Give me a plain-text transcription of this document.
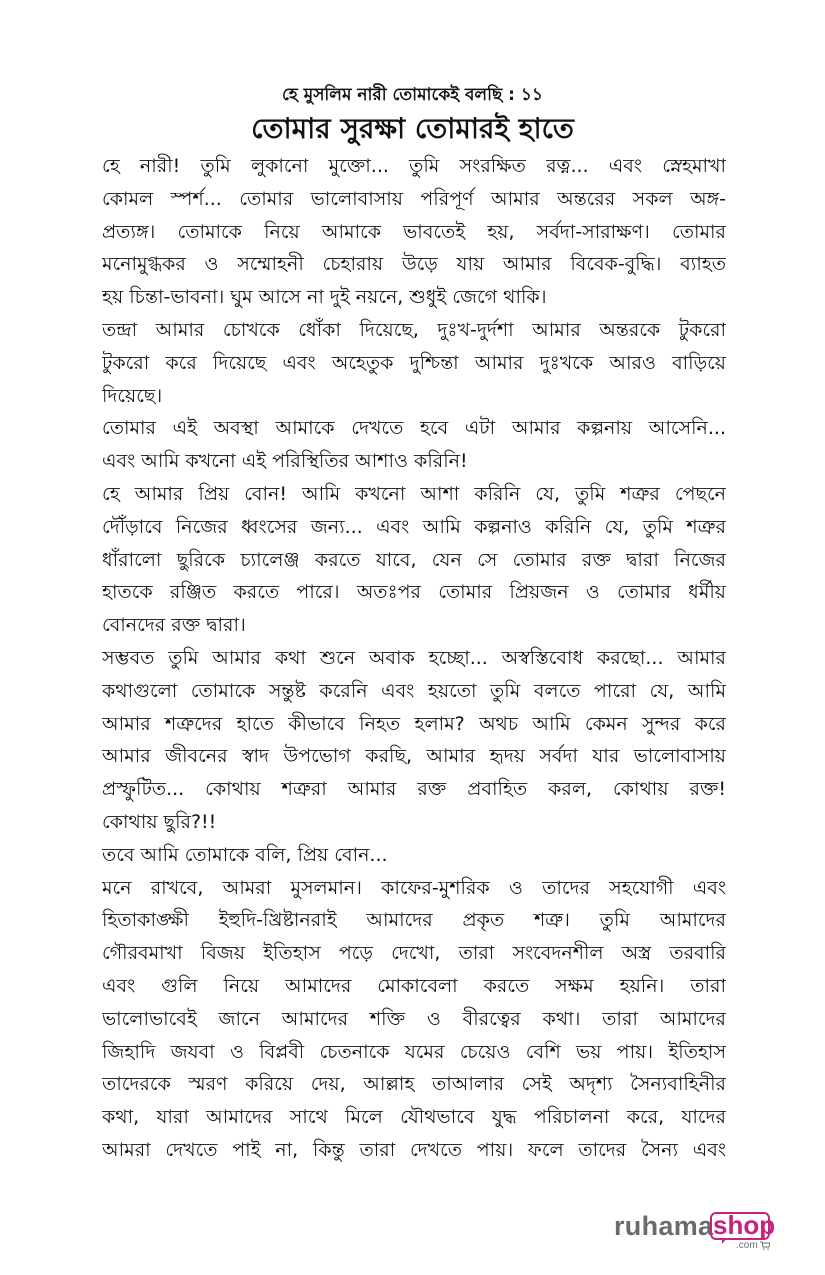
হে মুসলিম নারী তোমাকেই বলছি : ১১
তোমার সুরক্ষা তোমারই হাতে
হে নারী! তুমি লুকানো মুক্তো... তুমি সংরক্ষিত রত্ন... এবং স্নেহমাখা
কোমল স্পর্শ... তোমার ভালোবাসায় পরিপূর্ণ আমার অন্তরের সকল অঙ্গ-
প্রত্যঙ্গ। তোমাকে নিয়ে আমাকে ভাবতেই হয়, সর্বদা-সারাক্ষণ। তোমার
মনোমুগ্ধকর ও সম্মোহনী চেহারায় উড়ে যায় আমার বিবেক-বুদ্ধি। ব্যাহত
হয় চিন্তা-ভাবনা। ঘুম আসে না দুই নয়নে, শুধুই জেগে থাকি।
তন্দ্রা আমার চোখকে ধোঁকা দিয়েছে, দুঃখ-দুর্দশা আমার অন্তরকে টুকরো
টুকরো করে দিয়েছে এবং অহেতুক দুশ্চিন্তা আমার দুঃখকে আরও বাড়িয়ে
দিয়েছে।
তোমার এই অবস্থা আমাকে দেখতে হবে এটা আমার কল্পনায় আসেনি...
এবং আমি কখনো এই পরিস্থিতির আশাও করিনি!
হে আমার প্রিয় বোন! আমি কখনো আশা করিনি যে, তুমি শত্রুর পেছনে
দৌঁড়াবে নিজের ধ্বংসের জন্য... এবং আমি কল্পনাও করিনি যে, তুমি শত্রুর
ধাঁরালো ছুরিকে চ্যালেঞ্জ করতে যাবে, যেন সে তোমার রক্ত দ্বারা নিজের
হাতকে রঞ্জিত করতে পারে। অতঃপর তোমার প্রিয়জন ও তোমার ধর্মীয়
বোনদের রক্ত দ্বারা।
সম্ভবত তুমি আমার কথা শুনে অবাক হচ্ছো... অস্বস্তিবোধ করছো... আমার
কথাগুলো তোমাকে সন্তুষ্ট করেনি এবং হয়তো তুমি বলতে পারো যে, আমি
আমার শত্রুদের হাতে কীভাবে নিহত হলাম? অথচ আমি কেমন সুন্দর করে
আমার জীবনের স্বাদ উপভোগ করছি, আমার হৃদয় সর্বদা যার ভালোবাসায়
প্রস্ফুটিত... কোথায় শত্রুরা আমার রক্ত প্রবাহিত করল, কোথায় রক্ত!
কোথায় ছুরি?!!
তবে আমি তোমাকে বলি, প্রিয় বোন...
মনে রাখবে, আমরা মুসলমান। কাফের-মুশরিক ও তাদের সহযোগী এবং
হিতাকাঙ্ক্ষী ইহুদি-খ্রিষ্টানরাই আমাদের প্রকৃত শত্রু। তুমি আমাদের
গৌরবমাখা বিজয় ইতিহাস পড়ে দেখো, তারা সংবেদনশীল অস্ত্র তরবারি
এবং গুলি নিয়ে আমাদের মোকাবেলা করতে সক্ষম হয়নি। তারা
ভালোভাবেই জানে আমাদের শক্তি ও বীরত্বের কথা। তারা আমাদের
জিহাদি জযবা ও বিপ্লবী চেতনাকে যমের চেয়েও বেশি ভয় পায়। ইতিহাস
তাদেরকে স্মরণ করিয়ে দেয়, আল্লাহ তাআলার সেই অদৃশ্য সৈন্যবাহিনীর
কথা, যারা আমাদের সাথে মিলে যৌথভাবে যুদ্ধ পরিচালনা করে, যাদের
আমরা দেখতে পাই না, কিন্তু তারা দেখতে পায়। ফলে তাদের সৈন্য এবং
ruhama shop
.com
